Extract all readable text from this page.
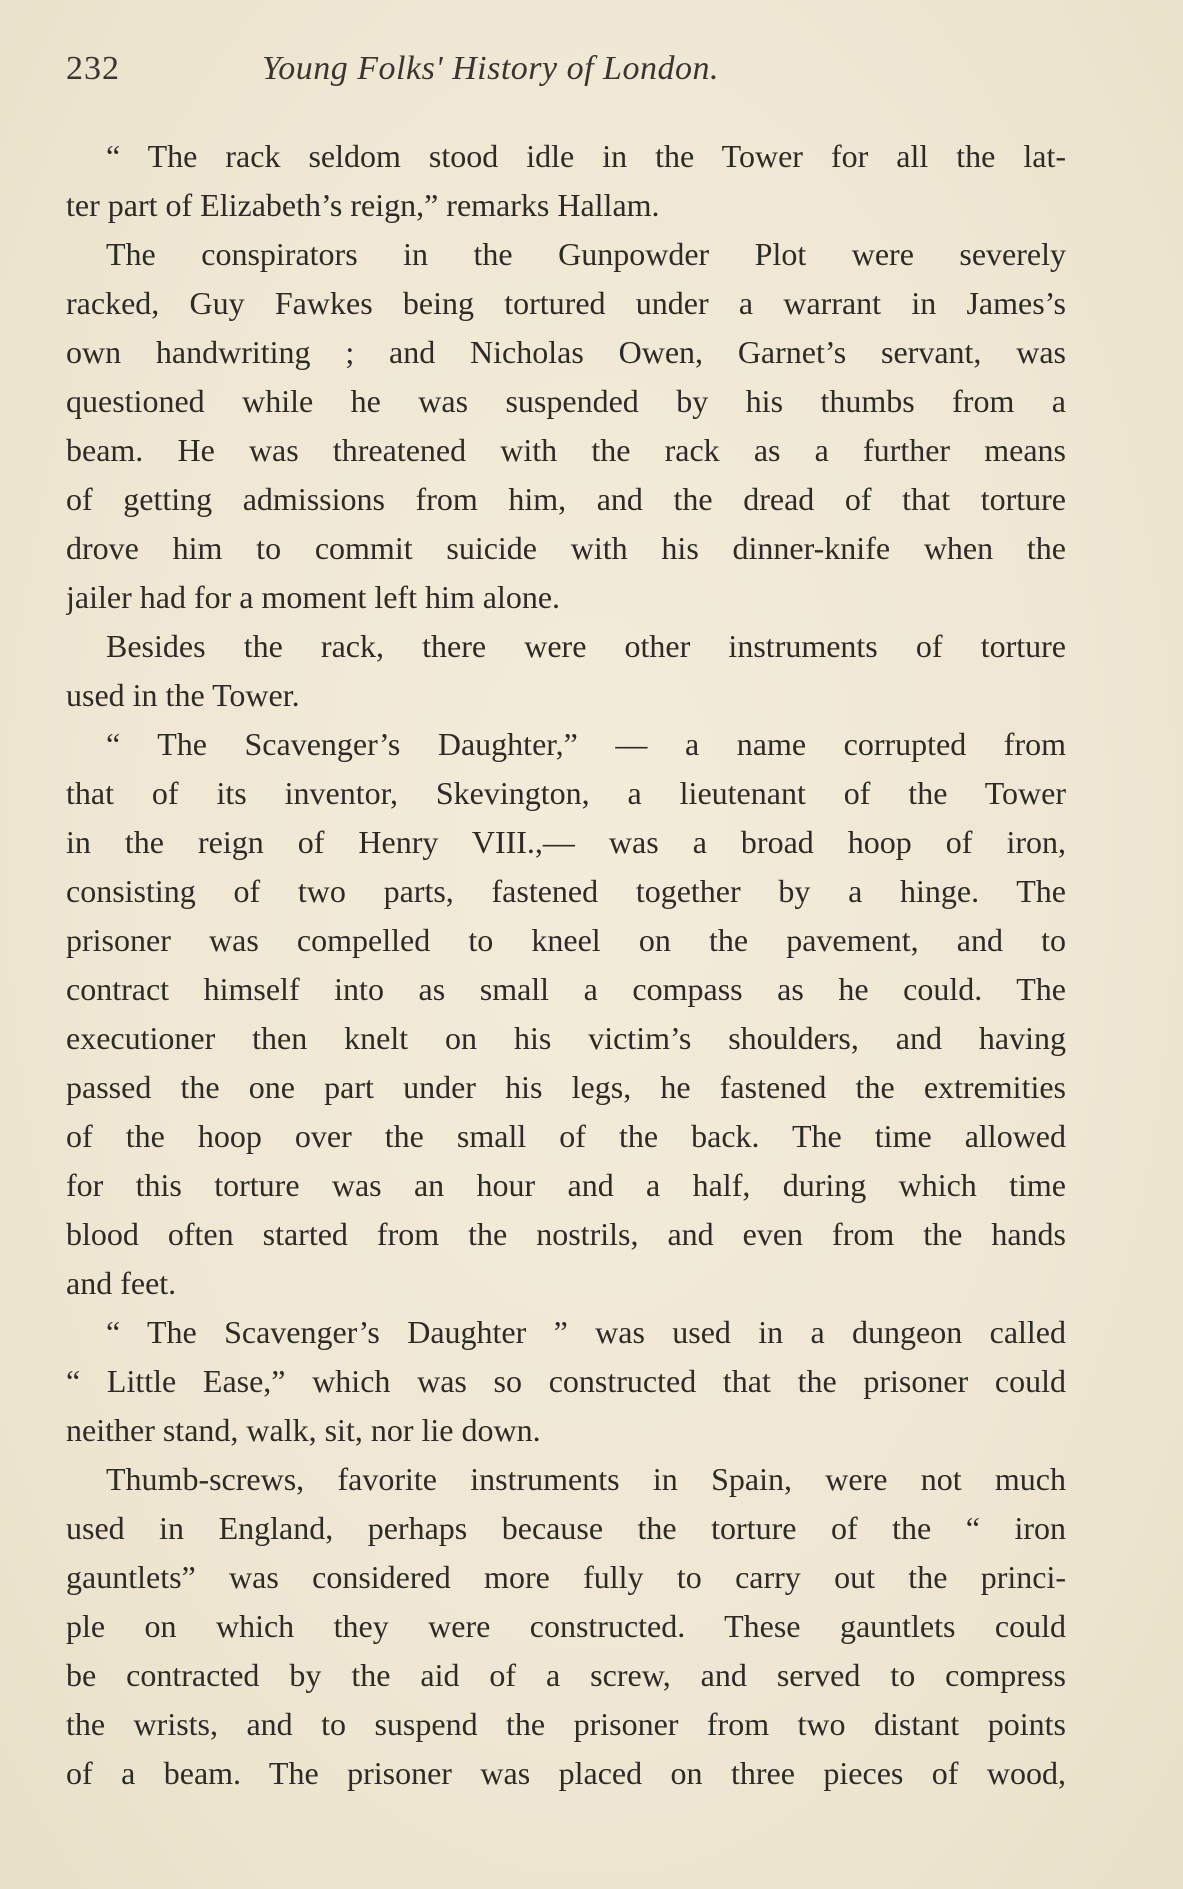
232	Young Folks' History of London.
“ The rack seldom stood idle in the Tower for all the lat-
ter part of Elizabeth’s reign,” remarks Hallam.
The conspirators in the Gunpowder Plot were severely
racked, Guy Fawkes being tortured under a warrant in James’s
own handwriting ; and Nicholas Owen, Garnet’s servant, was
questioned while he was suspended by his thumbs from a
beam. He was threatened with the rack as a further means
of getting admissions from him, and the dread of that torture
drove him to commit suicide with his dinner-knife when the
jailer had for a moment left him alone.
Besides the rack, there were other instruments of torture
used in the Tower.
“ The Scavenger’s Daughter,” — a name corrupted from
that of its inventor, Skevington, a lieutenant of the Tower
in the reign of Henry VIII.,— was a broad hoop of iron,
consisting of two parts, fastened together by a hinge. The
prisoner was compelled to kneel on the pavement, and to
contract himself into as small a compass as he could. The
executioner then knelt on his victim’s shoulders, and having
passed the one part under his legs, he fastened the extremities
of the hoop over the small of the back. The time allowed
for this torture was an hour and a half, during which time
blood often started from the nostrils, and even from the hands
and feet.
“ The Scavenger’s Daughter ” was used in a dungeon called
“ Little Ease,” which was so constructed that the prisoner could
neither stand, walk, sit, nor lie down.
Thumb-screws, favorite instruments in Spain, were not much
used in England, perhaps because the torture of the “ iron
gauntlets” was considered more fully to carry out the princi-
ple on which they were constructed. These gauntlets could
be contracted by the aid of a screw, and served to compress
the wrists, and to suspend the prisoner from two distant points
of a beam. The prisoner was placed on three pieces of wood,
